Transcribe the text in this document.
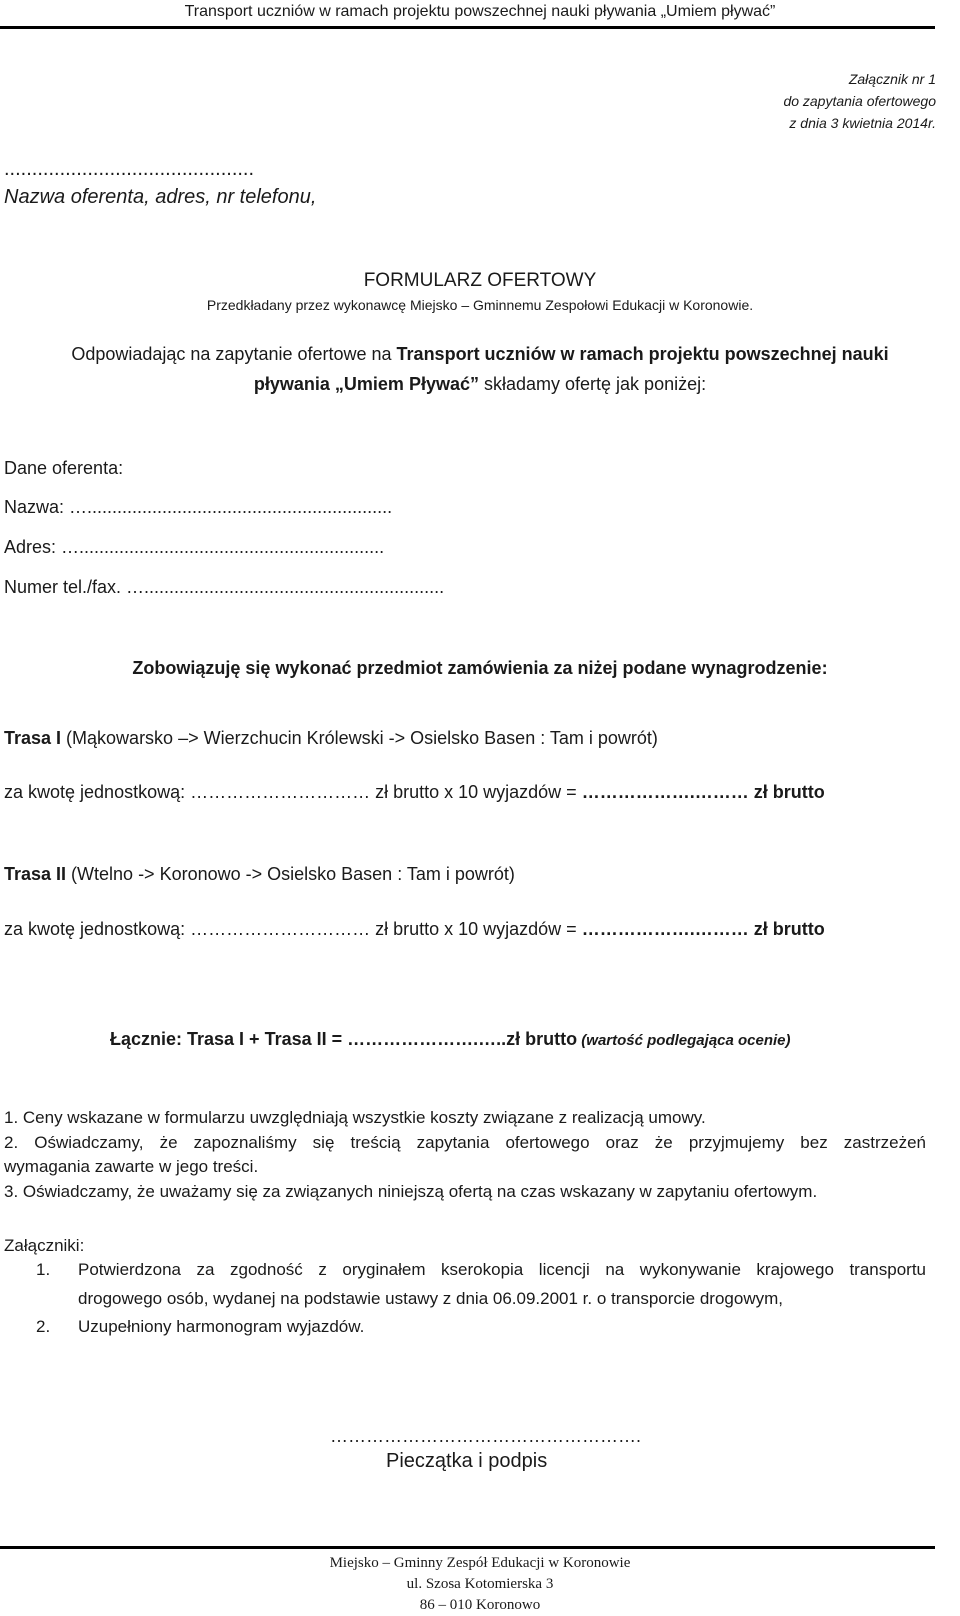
Transport uczniów w ramach projektu powszechnej nauki pływania „Umiem pływać”
Załącznik nr 1
do zapytania ofertowego
z dnia 3 kwietnia 2014r.
.............................................
Nazwa oferenta, adres, nr telefonu,
FORMULARZ OFERTOWY
Przedkładany przez wykonawcę Miejsko – Gminnemu Zespołowi Edukacji w Koronowie.
Odpowiadając na zapytanie ofertowe na Transport uczniów w ramach projektu powszechnej nauki
pływania „Umiem Pływać” składamy ofertę jak poniżej:
Dane oferenta:
Nazwa: ….............................................................
Adres: ….............................................................
Numer tel./fax. …............................................................
Zobowiązuję się wykonać przedmiot zamówienia za niżej podane wynagrodzenie:
Trasa I (Mąkowarsko –> Wierzchucin Królewski -> Osielsko Basen : Tam i powrót)
za kwotę jednostkową: ………………………… zł brutto x 10 wyjazdów = ……………….……… zł brutto
Trasa II (Wtelno -> Koronowo -> Osielsko Basen : Tam i powrót)
za kwotę jednostkową: ………………………… zł brutto x 10 wyjazdów = ……………….……… zł brutto
Łącznie: Trasa I + Trasa II = ………………….…..zł brutto (wartość podlegająca ocenie)
1. Ceny wskazane w formularzu uwzględniają wszystkie koszty związane z realizacją umowy.
2. Oświadczamy, że zapoznaliśmy się treścią zapytania ofertowego oraz że przyjmujemy bez zastrzeżeń
wymagania zawarte w jego treści.
3. Oświadczamy, że uważamy się za związanych niniejszą ofertą na czas wskazany w zapytaniu ofertowym.
Załączniki:
1. Potwierdzona za zgodność z oryginałem kserokopia licencji na wykonywanie krajowego transportu
drogowego osób, wydanej na podstawie ustawy z dnia 06.09.2001 r. o transporcie drogowym,
2. Uzupełniony harmonogram wyjazdów.
…………………………………………….
Pieczątka i podpis
Miejsko – Gminny Zespół Edukacji w Koronowie
ul. Szosa Kotomierska 3
86 – 010 Koronowo
